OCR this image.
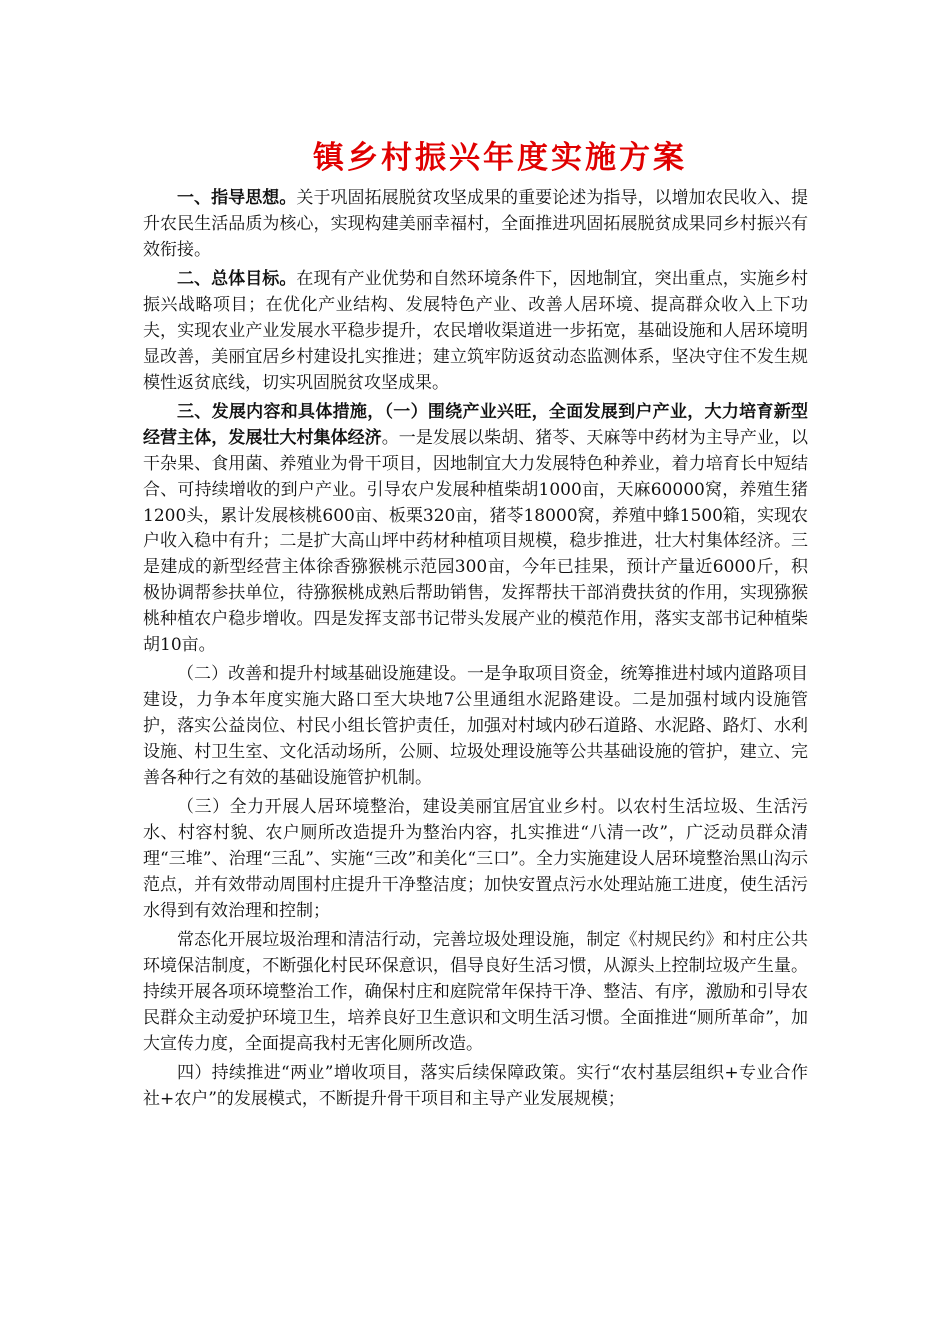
镇乡村振兴年度实施方案

一、指导思想。关于巩固拓展脱贫攻坚成果的重要论述为指导，以增加农民收入、提升农民生活品质为核心，实现构建美丽幸福村，全面推进巩固拓展脱贫成果同乡村振兴有效衔接。

二、总体目标。在现有产业优势和自然环境条件下，因地制宜，突出重点，实施乡村振兴战略项目；在优化产业结构、发展特色产业、改善人居环境、提高群众收入上下功夫，实现农业产业发展水平稳步提升，农民增收渠道进一步拓宽，基础设施和人居环境明显改善，美丽宜居乡村建设扎实推进；建立筑牢防返贫动态监测体系，坚决守住不发生规模性返贫底线，切实巩固脱贫攻坚成果。

三、发展内容和具体措施，（一）围绕产业兴旺，全面发展到户产业，大力培育新型经营主体，发展壮大村集体经济。一是发展以柴胡、猪苓、天麻等中药材为主导产业，以干杂果、食用菌、养殖业为骨干项目，因地制宜大力发展特色种养业，着力培育长中短结合、可持续增收的到户产业。引导农户发展种植柴胡1000亩，天麻60000窝，养殖生猪1200头，累计发展核桃600亩、板栗320亩，猪苓18000窝，养殖中蜂1500箱，实现农户收入稳中有升；二是扩大高山坪中药材种植项目规模，稳步推进，壮大村集体经济。三是建成的新型经营主体徐香猕猴桃示范园300亩，今年已挂果，预计产量近6000斤，积极协调帮参扶单位，待猕猴桃成熟后帮助销售，发挥帮扶干部消费扶贫的作用，实现猕猴桃种植农户稳步增收。四是发挥支部书记带头发展产业的模范作用，落实支部书记种植柴胡10亩。

（二）改善和提升村域基础设施建设。一是争取项目资金，统筹推进村域内道路项目建设，力争本年度实施大路口至大块地7公里通组水泥路建设。二是加强村域内设施管护，落实公益岗位、村民小组长管护责任，加强对村域内砂石道路、水泥路、路灯、水利设施、村卫生室、文化活动场所，公厕、垃圾处理设施等公共基础设施的管护，建立、完善各种行之有效的基础设施管护机制。

（三）全力开展人居环境整治，建设美丽宜居宜业乡村。以农村生活垃圾、生活污水、村容村貌、农户厕所改造提升为整治内容，扎实推进“八清一改”，广泛动员群众清理“三堆”、治理“三乱”、实施“三改”和美化“三口”。全力实施建设人居环境整治黑山沟示范点，并有效带动周围村庄提升干净整洁度；加快安置点污水处理站施工进度，使生活污水得到有效治理和控制；

常态化开展垃圾治理和清洁行动，完善垃圾处理设施，制定《村规民约》和村庄公共环境保洁制度，不断强化村民环保意识，倡导良好生活习惯，从源头上控制垃圾产生量。持续开展各项环境整治工作，确保村庄和庭院常年保持干净、整洁、有序，激励和引导农民群众主动爱护环境卫生，培养良好卫生意识和文明生活习惯。全面推进“厕所革命”，加大宣传力度，全面提高我村无害化厕所改造。

四）持续推进“两业”增收项目，落实后续保障政策。实行“农村基层组织+专业合作社+农户”的发展模式，不断提升骨干项目和主导产业发展规模；
